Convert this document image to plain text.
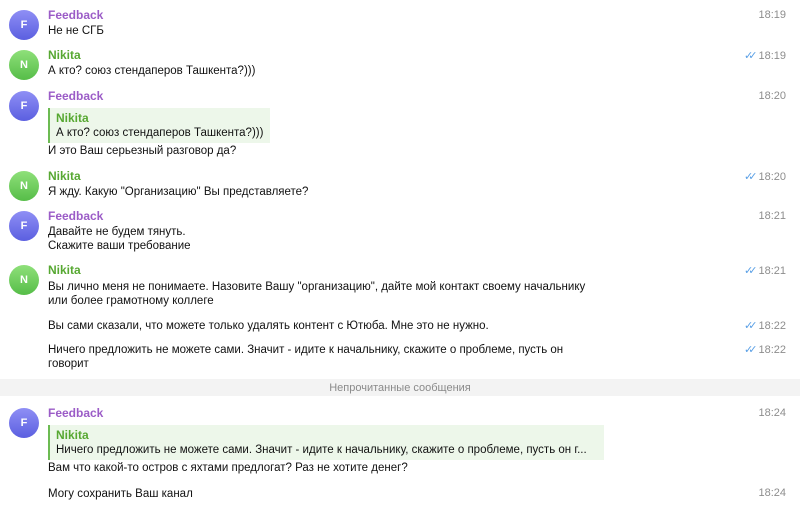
F
Feedback
Не не СГБ
18:19
N
Nikita
А кто? союз стендаперов Ташкента?)))
✓✓ 18:19
F
Feedback
Nikita
А кто? союз стендаперов Ташкента?)))
И это Ваш серьезный разговор да?
18:20
N
Nikita
Я жду. Какую "Организацию" Вы представляете?
✓✓ 18:20
F
Feedback
Давайте не будем тянуть.
Скажите ваши требование
18:21
N
Nikita
Вы лично меня не понимаете. Назовите Вашу "организацию", дайте мой контакт своему начальнику
или более грамотному коллеге
✓✓ 18:21
Вы сами сказали, что можете только удалять контент с Ютюба. Мне это не нужно.	✓✓ 18:22
Ничего предложить не можете сами. Значит - идите к начальнику, скажите о проблеме, пусть он
говорит
✓✓ 18:22
Непрочитанные сообщения
F
Feedback
Nikita
Ничего предложить не можете сами. Значит - идите к начальнику, скажите о проблеме, пусть он г...
Вам что какой-то остров с яхтами предлогат? Раз не хотите денег?
18:24
Могу сохранить Ваш канал	18:24
